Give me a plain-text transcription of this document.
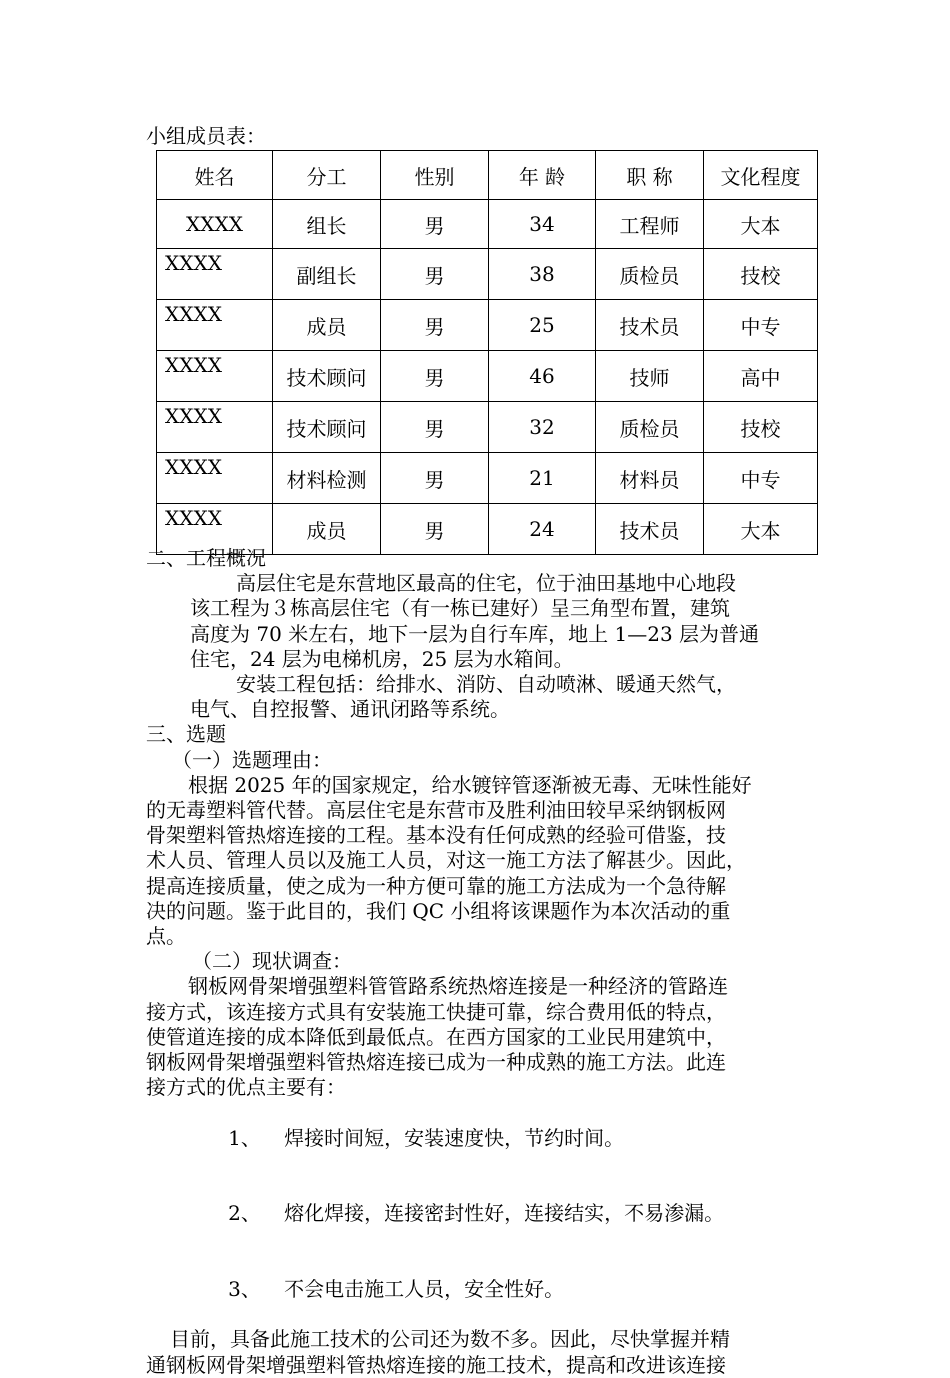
小组成员表：
姓名	分工	性别	年 龄	职 称	文化程度
XXXX	组长	男	34	工程师	大本
XXXX	副组长	男	38	质检员	技校
XXXX	成员	男	25	技术员	中专
XXXX	技术顾问	男	46	技师	高中
XXXX	技术顾问	男	32	质检员	技校
XXXX	材料检测	男	21	材料员	中专
XXXX	成员	男	24	技术员	大本

二、工程概况

高层住宅是东营地区最高的住宅，位于油田基地中心地段

该工程为３栋高层住宅（有一栋已建好）呈三角型布置，建筑

高度为 70 米左右，地下一层为自行车库，地上 1—23 层为普通

住宅，24 层为电梯机房，25 层为水箱间。

安装工程包括：给排水、消防、自动喷淋、暖通天然气，

电气、自控报警、通讯闭路等系统。

三、选题

（一）选题理由：

根据 2025 年的国家规定，给水镀锌管逐渐被无毒、无味性能好

的无毒塑料管代替。高层住宅是东营市及胜利油田较早采纳钢板网

骨架塑料管热熔连接的工程。基本没有任何成熟的经验可借鉴，技

术人员、管理人员以及施工人员，对这一施工方法了解甚少。因此，

提高连接质量，使之成为一种方便可靠的施工方法成为一个急待解

决的问题。鉴于此目的，我们 QC 小组将该课题作为本次活动的重

点。

（二）现状调查：

钢板网骨架增强塑料管管路系统热熔连接是一种经济的管路连

接方式，该连接方式具有安装施工快捷可靠，综合费用低的特点，

使管道连接的成本降低到最低点。在西方国家的工业民用建筑中，

钢板网骨架增强塑料管热熔连接已成为一种成熟的施工方法。此连

接方式的优点主要有：

1、 焊接时间短，安装速度快，节约时间。

2、 熔化焊接，连接密封性好，连接结实，不易渗漏。

3、 不会电击施工人员，安全性好。

目前，具备此施工技术的公司还为数不多。因此，尽快掌握并精

通钢板网骨架增强塑料管热熔连接的施工技术，提高和改进该连接
